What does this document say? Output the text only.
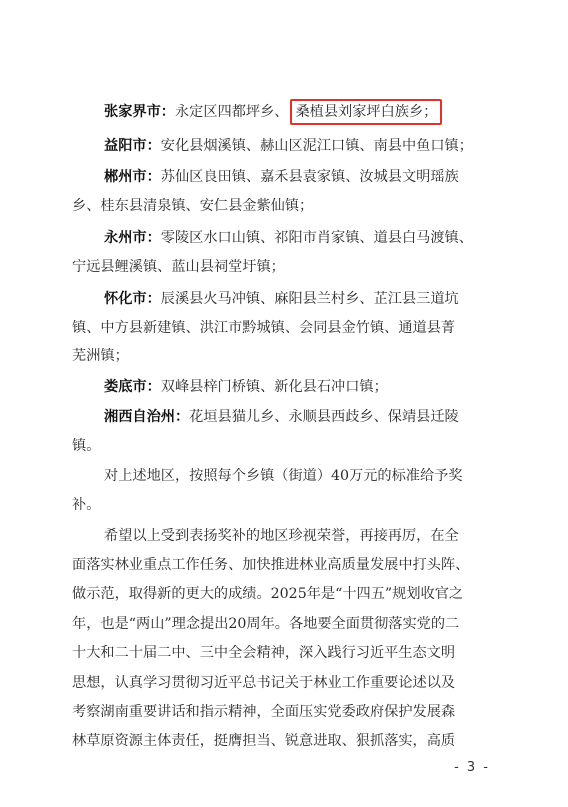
张家界市：永定区四都坪乡、 桑植县刘家坪白族乡；
益阳市：安化县烟溪镇、赫山区泥江口镇、南县中鱼口镇；
郴州市：苏仙区良田镇、嘉禾县袁家镇、汝城县文明瑶族
乡、桂东县清泉镇、安仁县金紫仙镇；
永州市：零陵区水口山镇、祁阳市肖家镇、道县白马渡镇、
宁远县鲤溪镇、蓝山县祠堂圩镇；
怀化市：辰溪县火马冲镇、麻阳县兰村乡、芷江县三道坑
镇、中方县新建镇、洪江市黔城镇、会同县金竹镇、通道县菁
芜洲镇；
娄底市：双峰县梓门桥镇、新化县石冲口镇；
湘西自治州：花垣县猫儿乡、永顺县西歧乡、保靖县迁陵
镇。
对上述地区，按照每个乡镇（街道）40万元的标准给予奖
补。
希望以上受到表扬奖补的地区珍视荣誉，再接再厉，在全
面落实林业重点工作任务、加快推进林业高质量发展中打头阵、
做示范，取得新的更大的成绩。2025年是“十四五”规划收官之
年，也是“两山”理念提出20周年。各地要全面贯彻落实党的二
十大和二十届二中、三中全会精神，深入践行习近平生态文明
思想，认真学习贯彻习近平总书记关于林业工作重要论述以及
考察湖南重要讲话和指示精神，全面压实党委政府保护发展森
林草原资源主体责任，挺膺担当、锐意进取、狠抓落实，高质
- 3 -
